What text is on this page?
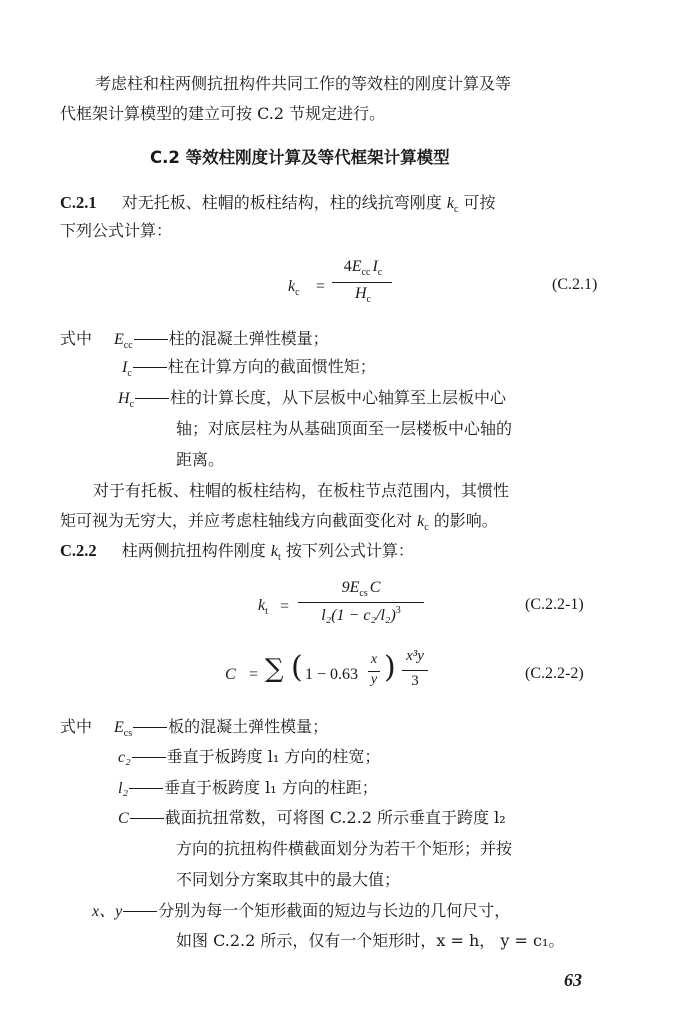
考虑柱和柱两侧抗扭构件共同工作的等效柱的刚度计算及等
代框架计算模型的建立可按 C.2 节规定进行。
C.2 等效柱刚度计算及等代框架计算模型
C.2.1 对无托板、柱帽的板柱结构，柱的线抗弯刚度 $k_c$ 可按
下列公式计算：
$k_c$ =
$4E_{cc}$ $I_c$
$H_c$
(C.2.1)
式中 $E_{cc}$ 柱的混凝土弹性模量；
$I_c$ 柱在计算方向的截面惯性矩；
$H_c$ 柱的计算长度，从下层板中心轴算至上层板中心
轴；对底层柱为从基础顶面至一层楼板中心轴的
距离。
对于有托板、柱帽的板柱结构，在板柱节点范围内，其惯性
矩可视为无穷大，并应考虑柱轴线方向截面变化对 $k_c$ 的影响。
C.2.2 柱两侧抗扭构件刚度 $k_t$ 按下列公式计算：
$k_t$ =
$9E_{cs}$ C
$l_2(1 - c_2/l_2)^3$	(C.2.2-1)
C = ∑ ( 1 − 0.63
x
y ) x³y
3	(C.2.2-2)
式中 $E_{cs}$ 板的混凝土弹性模量；
c₂ 垂直于板跨度 l₁ 方向的柱宽；
l₂ 垂直于板跨度 l₁ 方向的柱距；
C 截面抗扭常数，可将图 C.2.2 所示垂直于跨度 l₂
方向的抗扭构件横截面划分为若干个矩形；并按
不同划分方案取其中的最大值；
x、y 分别为每一个矩形截面的短边与长边的几何尺寸，
如图 C.2.2 所示，仅有一个矩形时，x = h， y = c₁。
63
